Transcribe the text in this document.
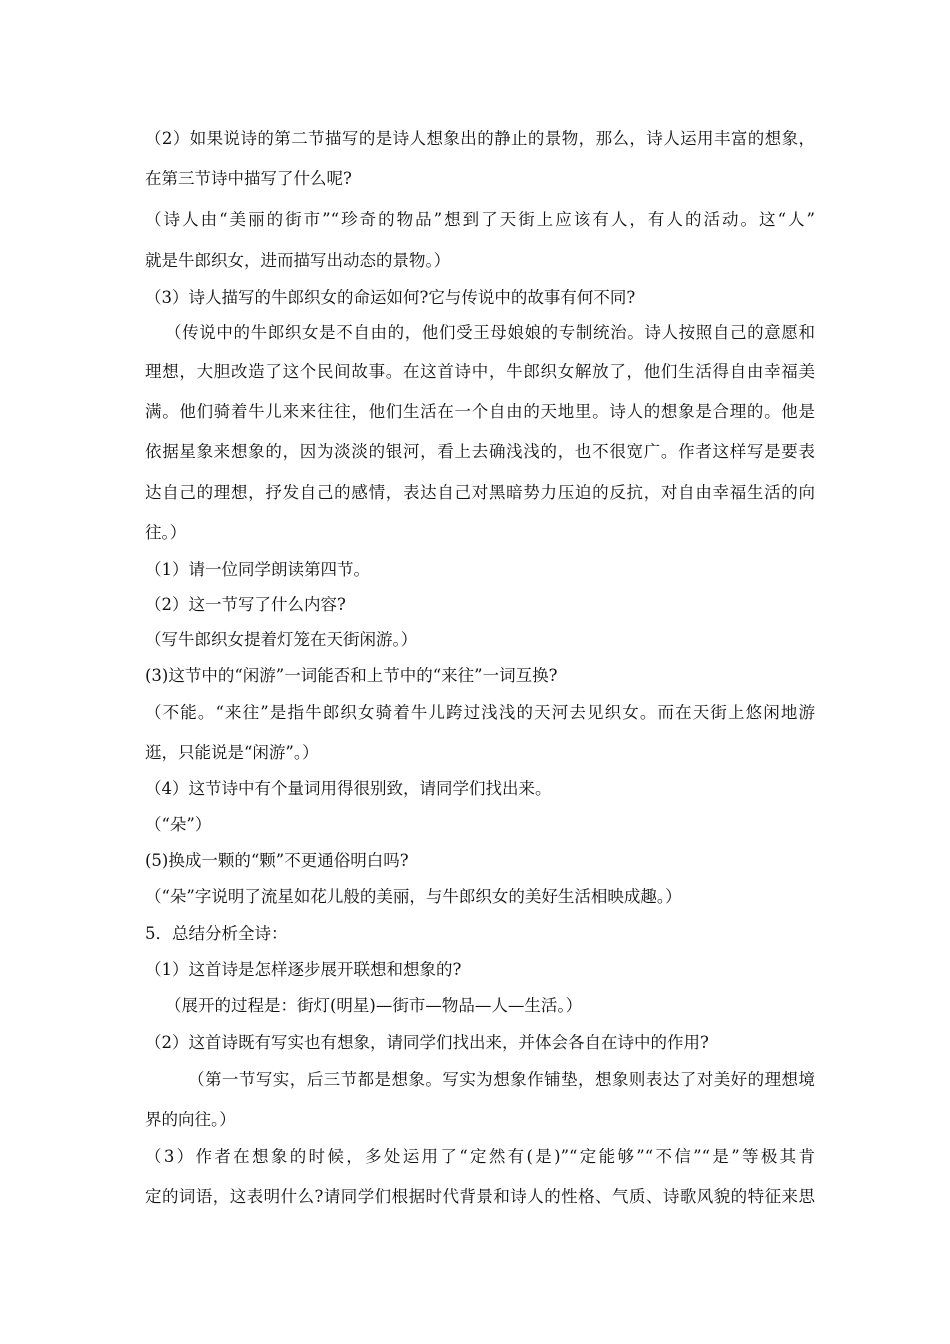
（2）如果说诗的第二节描写的是诗人想象出的静止的景物，那么，诗人运用丰富的想象，
在第三节诗中描写了什么呢?
（诗人由“美丽的街市”“珍奇的物品”想到了天街上应该有人，有人的活动。这“人”
就是牛郎织女，进而描写出动态的景物。）
（3）诗人描写的牛郎织女的命运如何?它与传说中的故事有何不同?
（传说中的牛郎织女是不自由的，他们受王母娘娘的专制统治。诗人按照自己的意愿和
理想，大胆改造了这个民间故事。在这首诗中，牛郎织女解放了，他们生活得自由幸福美
满。他们骑着牛儿来来往往，他们生活在一个自由的天地里。诗人的想象是合理的。他是
依据星象来想象的，因为淡淡的银河，看上去确浅浅的，也不很宽广。作者这样写是要表
达自己的理想，抒发自己的感情，表达自己对黑暗势力压迫的反抗，对自由幸福生活的向
往。）
（1）请一位同学朗读第四节。
（2）这一节写了什么内容?
（写牛郎织女提着灯笼在天街闲游。）
(3)这节中的“闲游”一词能否和上节中的“来往”一词互换?
（不能。“来往”是指牛郎织女骑着牛儿跨过浅浅的天河去见织女。而在天街上悠闲地游
逛，只能说是“闲游”。）
（4）这节诗中有个量词用得很别致，请同学们找出来。
（“朵”）
(5)换成一颗的“颗”不更通俗明白吗?
（“朵”字说明了流星如花儿般的美丽，与牛郎织女的美好生活相映成趣。）
5．总结分析全诗：
（1）这首诗是怎样逐步展开联想和想象的?
（展开的过程是：街灯(明星)—街市—物品—人—生活。）
（2）这首诗既有写实也有想象，请同学们找出来，并体会各自在诗中的作用?
（第一节写实，后三节都是想象。写实为想象作铺垫，想象则表达了对美好的理想境
界的向往。）
（3）作者在想象的时候，多处运用了“定然有(是)”“定能够”“不信”“是”等极其肯
定的词语，这表明什么?请同学们根据时代背景和诗人的性格、气质、诗歌风貌的特征来思
